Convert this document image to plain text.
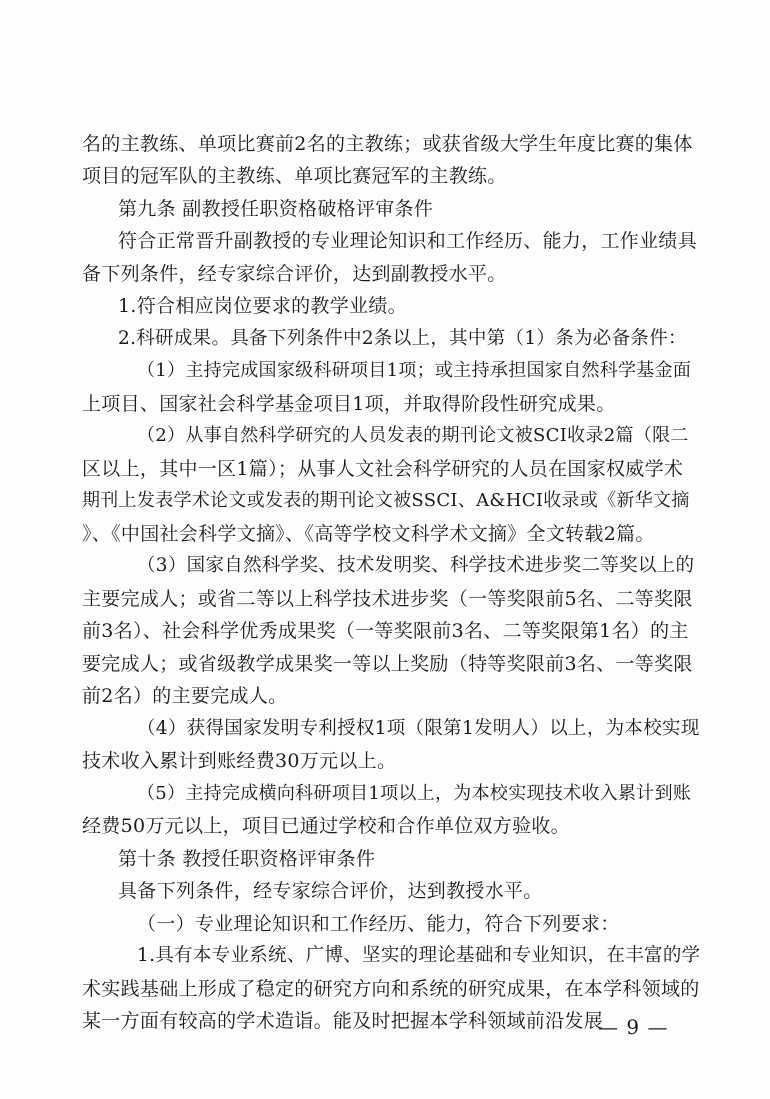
名的主教练、单项比赛前2名的主教练；或获省级大学生年度比赛的集体
项目的冠军队的主教练、单项比赛冠军的主教练。
第九条 副教授任职资格破格评审条件
符合正常晋升副教授的专业理论知识和工作经历、能力，工作业绩具
备下列条件，经专家综合评价，达到副教授水平。
1.符合相应岗位要求的教学业绩。
2.科研成果。具备下列条件中2条以上，其中第（1）条为必备条件：
（1）主持完成国家级科研项目1项；或主持承担国家自然科学基金面
上项目、国家社会科学基金项目1项，并取得阶段性研究成果。
（2）从事自然科学研究的人员发表的期刊论文被SCI收录2篇（限二
区以上，其中一区1篇）；从事人文社会科学研究的人员在国家权威学术
期刊上发表学术论文或发表的期刊论文被SSCI、A&HCI收录或《新华文摘
》、《中国社会科学文摘》、《高等学校文科学术文摘》全文转载2篇。
（3）国家自然科学奖、技术发明奖、科学技术进步奖二等奖以上的
主要完成人；或省二等以上科学技术进步奖（一等奖限前5名、二等奖限
前3名）、社会科学优秀成果奖（一等奖限前3名、二等奖限第1名）的主
要完成人；或省级教学成果奖一等以上奖励（特等奖限前3名、一等奖限
前2名）的主要完成人。
（4）获得国家发明专利授权1项（限第1发明人）以上，为本校实现
技术收入累计到账经费30万元以上。
（5）主持完成横向科研项目1项以上，为本校实现技术收入累计到账
经费50万元以上，项目已通过学校和合作单位双方验收。
第十条 教授任职资格评审条件
具备下列条件，经专家综合评价，达到教授水平。
（一）专业理论知识和工作经历、能力，符合下列要求：
1.具有本专业系统、广博、坚实的理论基础和专业知识，在丰富的学
术实践基础上形成了稳定的研究方向和系统的研究成果，在本学科领域的
某一方面有较高的学术造诣。能及时把握本学科领域前沿发展
— 9 —
